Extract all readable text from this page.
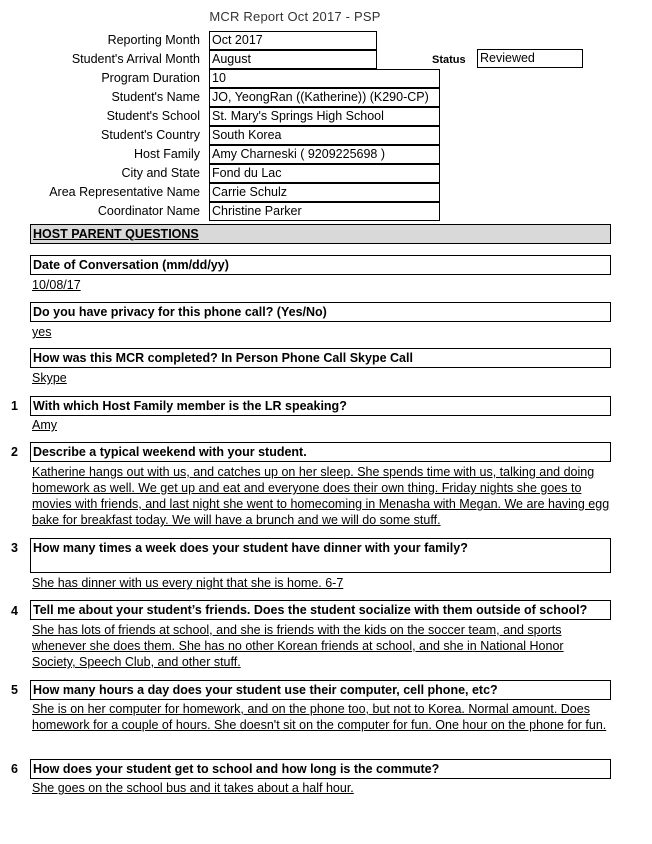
MCR Report Oct 2017 - PSP
Reporting Month Oct 2017
Student's Arrival Month August	Status Reviewed
Program Duration 10
Student's Name JO, YeongRan ((Katherine)) (K290-CP)
Student's School St. Mary's Springs High School
Student's Country South Korea
Host Family Amy Charneski ( 9209225698 )
City and State Fond du Lac
Area Representative Name Carrie Schulz
Coordinator Name Christine Parker
HOST PARENT QUESTIONS
Date of Conversation (mm/dd/yy)
10/08/17
Do you have privacy for this phone call? (Yes/No)
yes
How was this MCR completed? In Person Phone Call Skype Call
Skype
1 With which Host Family member is the LR speaking?
Amy
2 Describe a typical weekend with your student.
Katherine hangs out with us, and catches up on her sleep. She spends time with us, talking and doing homework as well. We get up and eat and everyone does their own thing. Friday nights she goes to movies with friends, and last night she went to homecoming in Menasha with Megan. We are having egg bake for breakfast today. We will have a brunch and we will do some stuff.
3 How many times a week does your student have dinner with your family?
She has dinner with us every night that she is home. 6-7
4 Tell me about your student’s friends. Does the student socialize with them outside of school?
She has lots of friends at school, and she is friends with the kids on the soccer team, and sports whenever she does them. She has no other Korean friends at school, and she in National Honor Society, Speech Club, and other stuff.
5 How many hours a day does your student use their computer, cell phone, etc?
She is on her computer for homework, and on the phone too, but not to Korea. Normal amount. Does homework for a couple of hours. She doesn't sit on the computer for fun. One hour on the phone for fun.
6 How does your student get to school and how long is the commute?
She goes on the school bus and it takes about a half hour.
